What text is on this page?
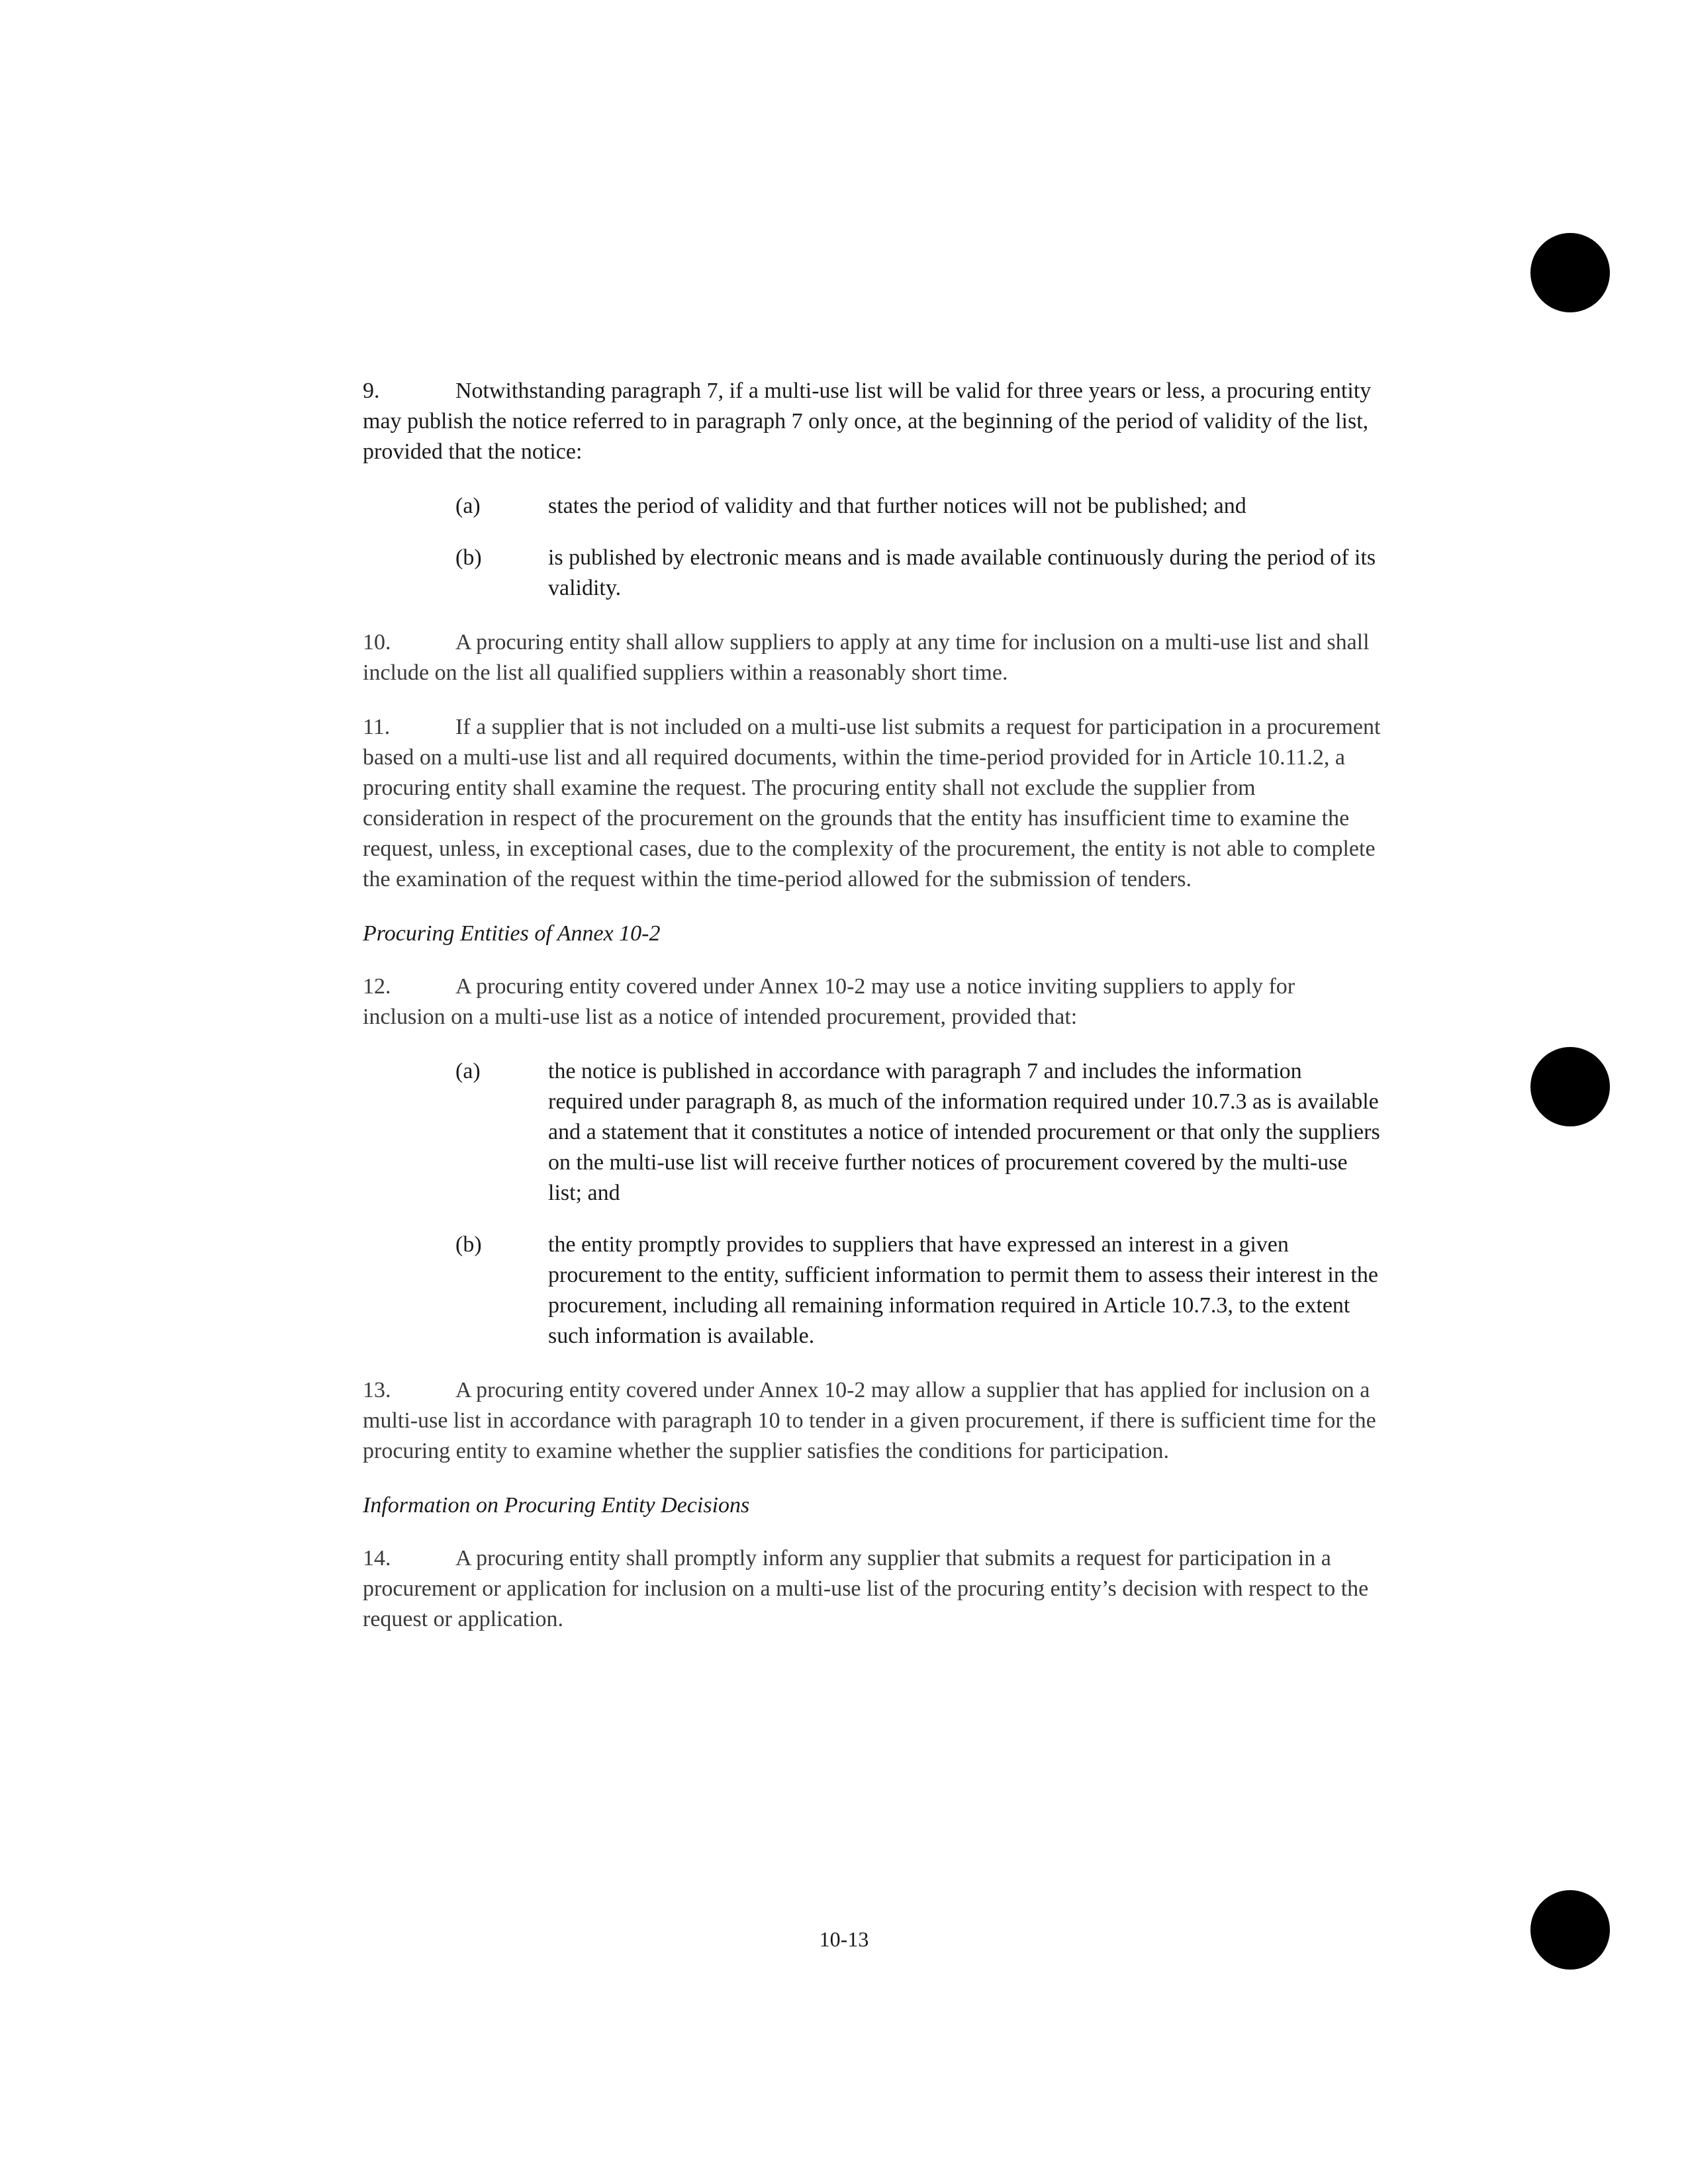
9.	Notwithstanding paragraph 7, if a multi-use list will be valid for three years or less, a procuring entity may publish the notice referred to in paragraph 7 only once, at the beginning of the period of validity of the list, provided that the notice:

(a)	states the period of validity and that further notices will not be published; and
(b)	is published by electronic means and is made available continuously during the period of its validity.

10.	A procuring entity shall allow suppliers to apply at any time for inclusion on a multi-use list and shall include on the list all qualified suppliers within a reasonably short time.

11.	If a supplier that is not included on a multi-use list submits a request for participation in a procurement based on a multi-use list and all required documents, within the time-period provided for in Article 10.11.2, a procuring entity shall examine the request. The procuring entity shall not exclude the supplier from consideration in respect of the procurement on the grounds that the entity has insufficient time to examine the request, unless, in exceptional cases, due to the complexity of the procurement, the entity is not able to complete the examination of the request within the time-period allowed for the submission of tenders.

Procuring Entities of Annex 10-2

12.	A procuring entity covered under Annex 10-2 may use a notice inviting suppliers to apply for inclusion on a multi-use list as a notice of intended procurement, provided that:

(a)	the notice is published in accordance with paragraph 7 and includes the information required under paragraph 8, as much of the information required under 10.7.3 as is available and a statement that it constitutes a notice of intended procurement or that only the suppliers on the multi-use list will receive further notices of procurement covered by the multi-use list; and
(b)	the entity promptly provides to suppliers that have expressed an interest in a given procurement to the entity, sufficient information to permit them to assess their interest in the procurement, including all remaining information required in Article 10.7.3, to the extent such information is available.

13.	A procuring entity covered under Annex 10-2 may allow a supplier that has applied for inclusion on a multi-use list in accordance with paragraph 10 to tender in a given procurement, if there is sufficient time for the procuring entity to examine whether the supplier satisfies the conditions for participation.

Information on Procuring Entity Decisions

14.	A procuring entity shall promptly inform any supplier that submits a request for participation in a procurement or application for inclusion on a multi-use list of the procuring entity’s decision with respect to the request or application.

10-13
